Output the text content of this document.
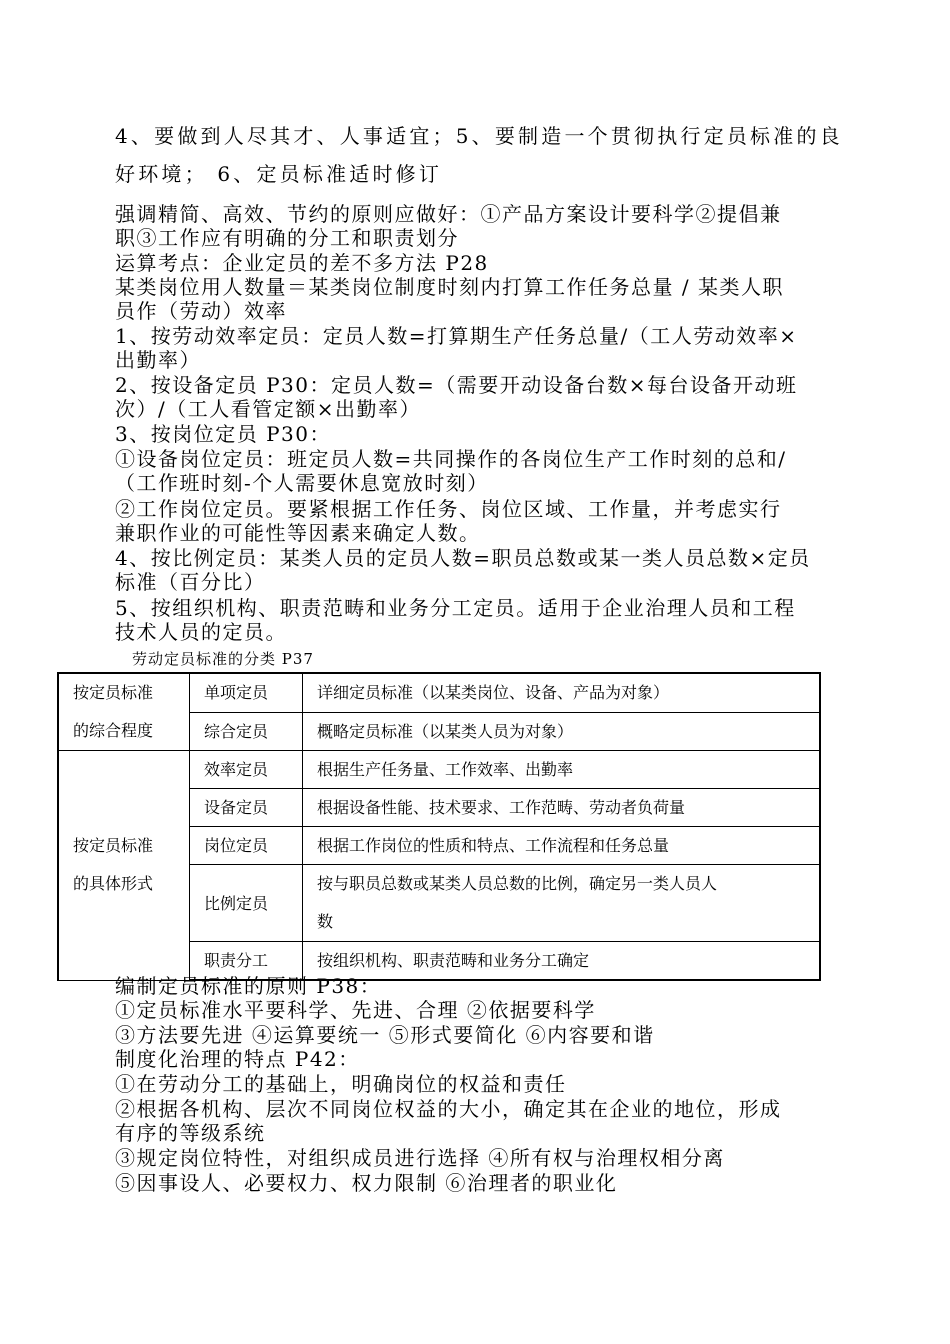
4、要做到人尽其才、人事适宜；5、要制造一个贯彻执行定员标准的良
好环境； 6、定员标准适时修订
强调精简、高效、节约的原则应做好：①产品方案设计要科学②提倡兼
职③工作应有明确的分工和职责划分
运算考点：企业定员的差不多方法 P28
某类岗位用人数量＝某类岗位制度时刻内打算工作任务总量 / 某类人职
员作（劳动）效率
1、按劳动效率定员：定员人数=打算期生产任务总量/（工人劳动效率×
出勤率）
2、按设备定员 P30：定员人数=（需要开动设备台数×每台设备开动班
次）/（工人看管定额×出勤率）
3、按岗位定员 P30：
①设备岗位定员：班定员人数=共同操作的各岗位生产工作时刻的总和/
（工作班时刻-个人需要休息宽放时刻）
②工作岗位定员。要紧根据工作任务、岗位区域、工作量，并考虑实行
兼职作业的可能性等因素来确定人数。
4、按比例定员：某类人员的定员人数=职员总数或某一类人员总数×定员
标准（百分比）
5、按组织机构、职责范畴和业务分工定员。适用于企业治理人员和工程
技术人员的定员。
劳动定员标准的分类 P37
按定员标准
的综合程度	单项定员	详细定员标准（以某类岗位、设备、产品为对象）
	综合定员	概略定员标准（以某类人员为对象）

按定员标准
的具体形式	效率定员	根据生产任务量、工作效率、出勤率
	设备定员	根据设备性能、技术要求、工作范畴、劳动者负荷量
	岗位定员	根据工作岗位的性质和特点、工作流程和任务总量
	比例定员	按与职员总数或某类人员总数的比例，确定另一类人员人
数

	职责分工	按组织机构、职责范畴和业务分工确定
编制定员标准的原则 P38：
①定员标准水平要科学、先进、合理 ②依据要科学
③方法要先进 ④运算要统一 ⑤形式要简化 ⑥内容要和谐
制度化治理的特点 P42：
①在劳动分工的基础上，明确岗位的权益和责任
②根据各机构、层次不同岗位权益的大小，确定其在企业的地位，形成
有序的等级系统
③规定岗位特性，对组织成员进行选择 ④所有权与治理权相分离
⑤因事设人、必要权力、权力限制 ⑥治理者的职业化
